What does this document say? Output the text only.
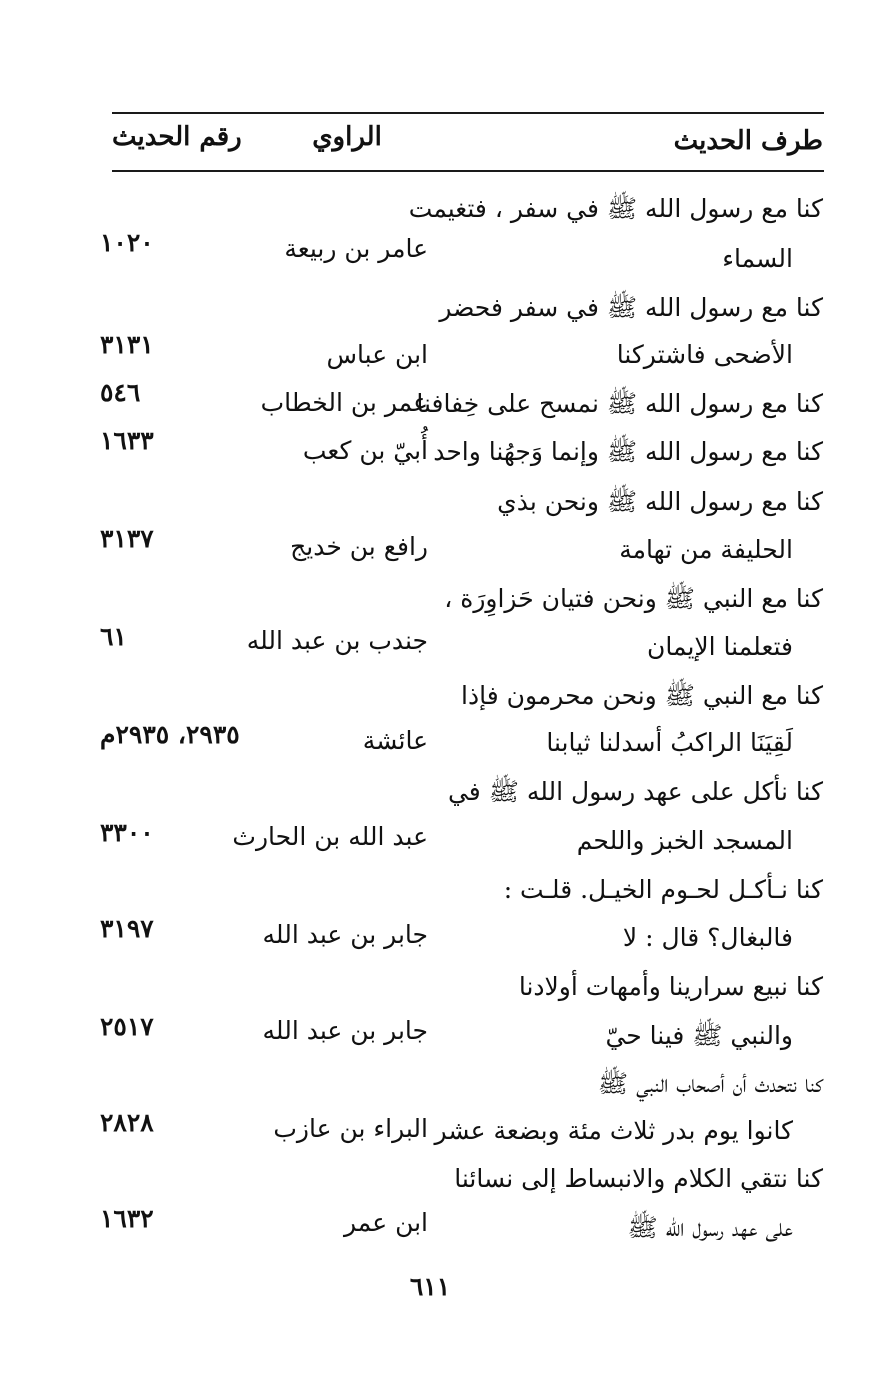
طرف الحديث
الراوي
رقم الحديث
كنا مع رسول الله ﷺ في سفر ، فتغيمت
السماء
عامر بن ربيعة
١٠٢٠
كنا مع رسول الله ﷺ في سفر فحضر
الأضحى فاشتركنا
ابن عباس
٣١٣١
كنا مع رسول الله ﷺ نمسح على خِفافنا
عمر بن الخطاب
٥٤٦
كنا مع رسول الله ﷺ وإنما وَجهُنا واحد
أُبيّ بن كعب
١٦٣٣
كنا مع رسول الله ﷺ ونحن بذي
الحليفة من تهامة
رافع بن خديج
٣١٣٧
كنا مع النبي ﷺ ونحن فتيان حَزاوِرَة ،
فتعلمنا الإيمان
جندب بن عبد الله
٦١
كنا مع النبي ﷺ ونحن محرمون فإذا
لَقِيَنَا الراكبُ أسدلنا ثيابنا
عائشة
٢٩٣٥، ٢٩٣٥م
كنا نأكل على عهد رسول الله ﷺ في
المسجد الخبز واللحم
عبد الله بن الحارث
٣٣٠٠
كنا نـأكـل لحـوم الخيـل. قلـت :
فالبغال؟ قال : لا
جابر بن عبد الله
٣١٩٧
كنا نبيع سرارينا وأمهات أولادنا
والنبي ﷺ فينا حيّ
جابر بن عبد الله
٢٥١٧
كنا نتحدث أن أصحاب النبي ﷺ
كانوا يوم بدر ثلاث مئة وبضعة عشر
البراء بن عازب
٢٨٢٨
كنا نتقي الكلام والانبساط إلى نسائنا
على عهد رسول الله ﷺ
ابن عمر
١٦٣٢
٦١١
